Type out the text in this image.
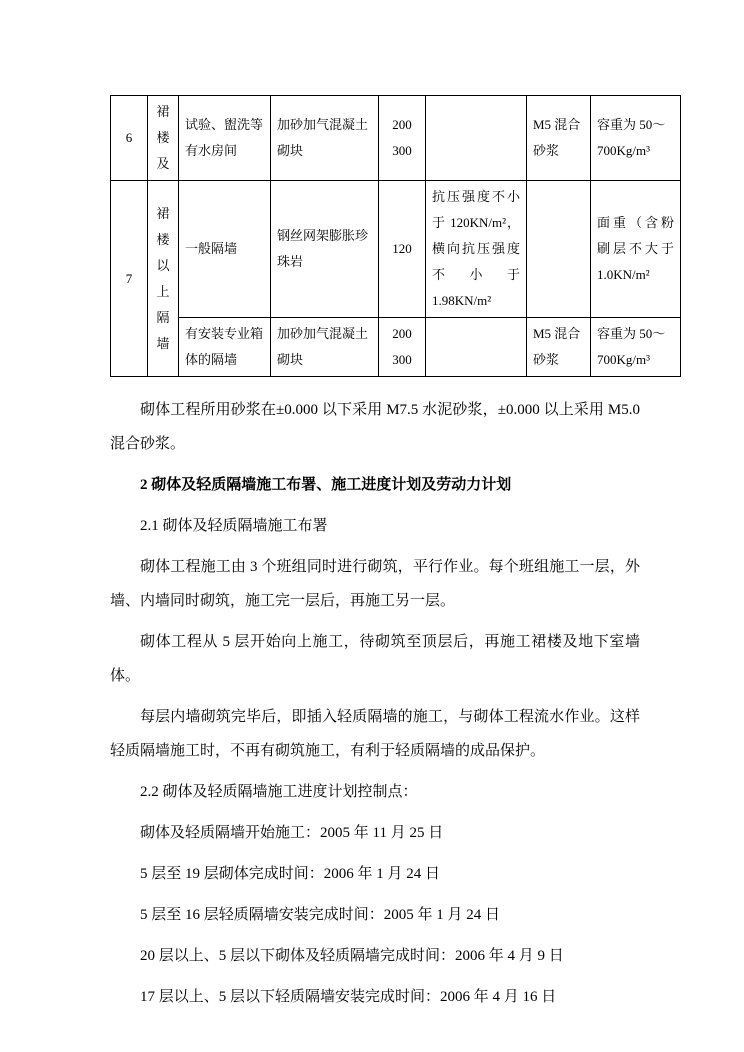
6	裙楼及	试验、盥洗等有水房间	加砂加气混凝土砌块	200
300		M5 混合砂浆	容重为 50～700Kg/m³
7	裙楼以上隔墙	一般隔墙	钢丝网架膨胀珍珠岩	120	抗压强度不小于 120KN/m²，横向抗压强度不小于 1.98KN/m²		面重（含粉刷层不大于 1.0KN/m²
		有安装专业箱体的隔墙	加砂加气混凝土砌块	200
300		M5 混合砂浆	容重为 50～700Kg/m³

砌体工程所用砂浆在±0.000 以下采用 M7.5 水泥砂浆，±0.000 以上采用 M5.0 混合砂浆。

2 砌体及轻质隔墙施工布署、施工进度计划及劳动力计划

2.1 砌体及轻质隔墙施工布署

砌体工程施工由 3 个班组同时进行砌筑，平行作业。每个班组施工一层，外墙、内墙同时砌筑，施工完一层后，再施工另一层。

砌体工程从 5 层开始向上施工，待砌筑至顶层后，再施工裙楼及地下室墙体。

每层内墙砌筑完毕后，即插入轻质隔墙的施工，与砌体工程流水作业。这样轻质隔墙施工时，不再有砌筑施工，有利于轻质隔墙的成品保护。

2.2 砌体及轻质隔墙施工进度计划控制点：

砌体及轻质隔墙开始施工：2005 年 11 月 25 日

5 层至 19 层砌体完成时间：2006 年 1 月 24 日

5 层至 16 层轻质隔墙安装完成时间：2005 年 1 月 24 日

20 层以上、5 层以下砌体及轻质隔墙完成时间：2006 年 4 月 9 日

17 层以上、5 层以下轻质隔墙安装完成时间：2006 年 4 月 16 日
